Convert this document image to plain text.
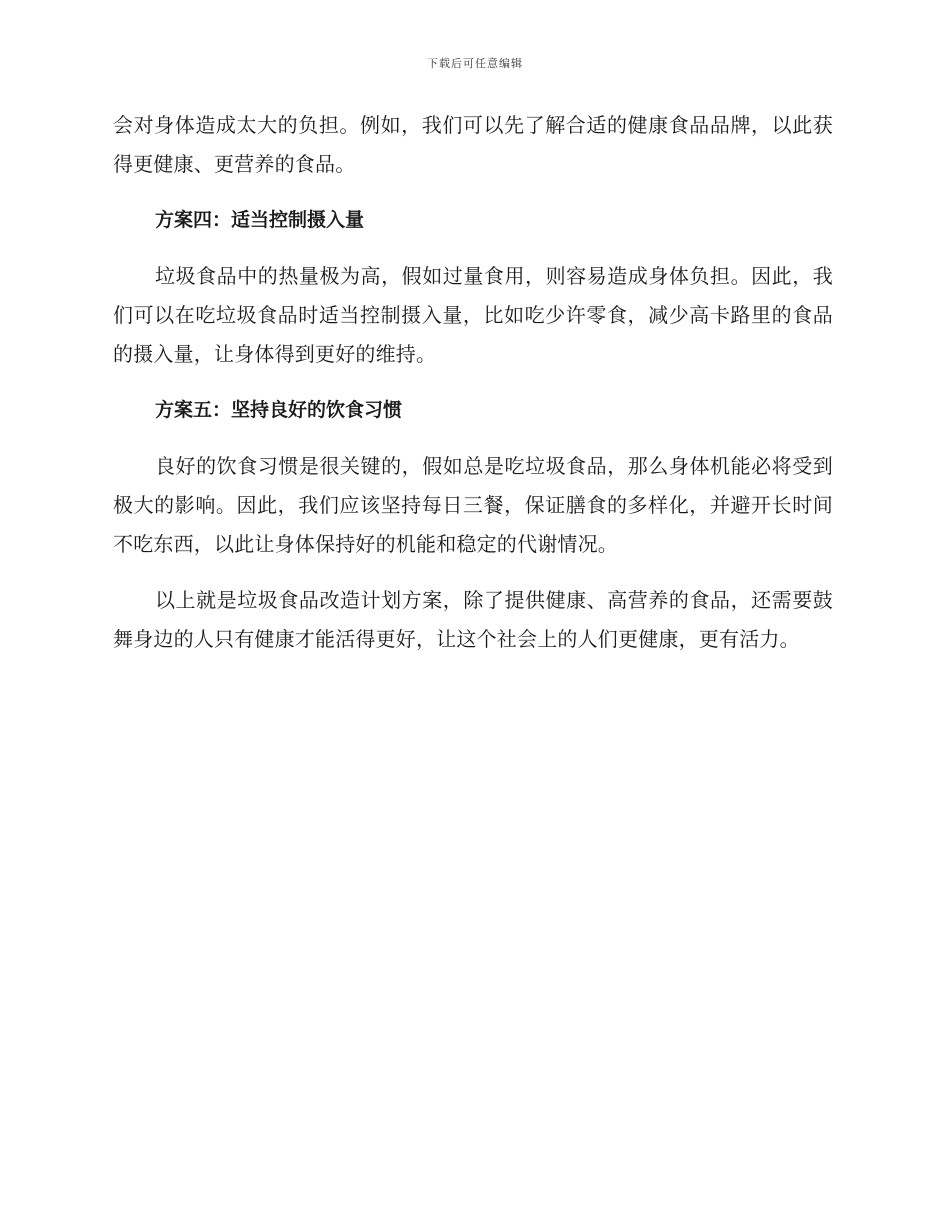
下载后可任意编辑

会对身体造成太大的负担。例如，我们可以先了解合适的健康食品品牌，以此获得更健康、更营养的食品。

方案四：适当控制摄入量

垃圾食品中的热量极为高，假如过量食用，则容易造成身体负担。因此，我们可以在吃垃圾食品时适当控制摄入量，比如吃少许零食，减少高卡路里的食品的摄入量，让身体得到更好的维持。

方案五：坚持良好的饮食习惯

良好的饮食习惯是很关键的，假如总是吃垃圾食品，那么身体机能必将受到极大的影响。因此，我们应该坚持每日三餐，保证膳食的多样化，并避开长时间不吃东西，以此让身体保持好的机能和稳定的代谢情况。

以上就是垃圾食品改造计划方案，除了提供健康、高营养的食品，还需要鼓舞身边的人只有健康才能活得更好，让这个社会上的人们更健康，更有活力。
